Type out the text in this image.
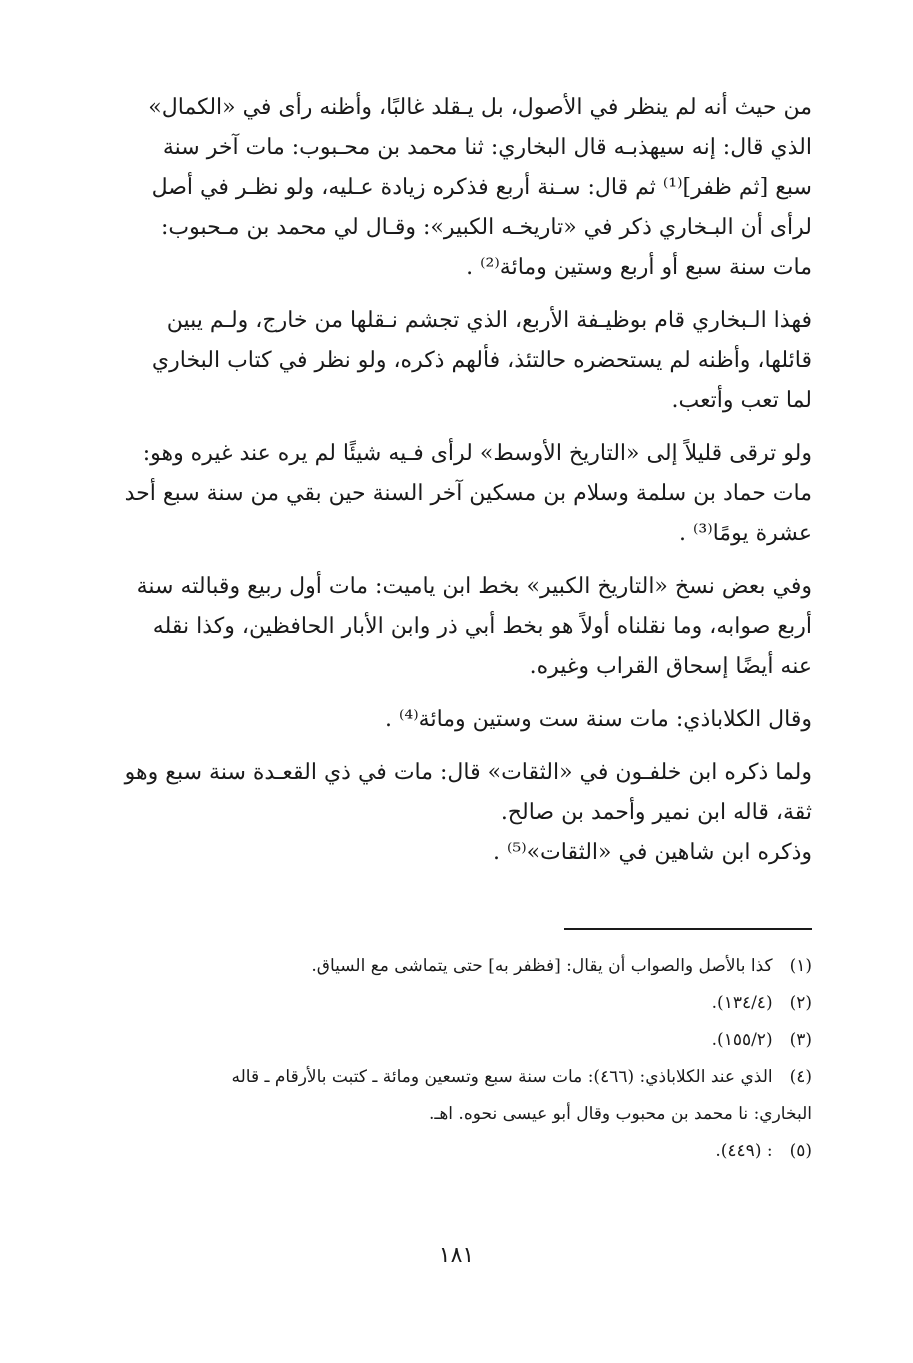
من حيث أنه لم ينظر في الأصول، بل يـقلد غالبًا، وأظنه رأى في «الكمال»
الذي قال: إنه سيهذبـه قال البخاري: ثنا محمد بن محـبوب: مات آخر سنة
سبع [ثم ظفر]⁽¹⁾ ثم قال: سـنة أربع فذكره زيادة عـليه، ولو نظـر في أصل
لرأى أن البـخاري ذكر في «تاريخـه الكبير»: وقـال لي محمد بن مـحبوب:
مات سنة سبع أو أربع وستين ومائة⁽²⁾ .
فهذا الـبخاري قام بوظيـفة الأربع، الذي تجشم نـقلها من خارج، ولـم يبين
قائلها، وأظنه لم يستحضره حالتئذ، فألهم ذكره، ولو نظر في كتاب البخاري
لما تعب وأتعب.
ولو ترقى قليلاً إلى «التاريخ الأوسط» لرأى فـيه شيئًا لم يره عند غيره وهو:
مات حماد بن سلمة وسلام بن مسكين آخر السنة حين بقي من سنة سبع أحد
عشرة يومًا⁽³⁾ .
وفي بعض نسخ «التاريخ الكبير» بخط ابن ياميت: مات أول ربيع وقبالته سنة
أربع صوابه، وما نقلناه أولاً هو بخط أبي ذر وابن الأبار الحافظين، وكذا نقله
عنه أيضًا إسحاق القراب وغيره.
وقال الكلاباذي: مات سنة ست وستين ومائة⁽⁴⁾ .
ولما ذكره ابن خلفـون في «الثقات» قال: مات في ذي القعـدة سنة سبع وهو
ثقة، قاله ابن نمير وأحمد بن صالح.
وذكره ابن شاهين في «الثقات»⁽⁵⁾ .
(١) كذا بالأصل والصواب أن يقال: [فظفر به] حتى يتماشى مع السياق.
(٢) (١٣٤/٤).
(٣) (١٥٥/٢).
(٤) الذي عند الكلاباذي: (٤٦٦): مات سنة سبع وتسعين ومائة ـ كتبت بالأرقام ـ قاله
البخاري: نا محمد بن محبوب وقال أبو عيسى نحوه. اهـ.
(٥) : (٤٤٩).
١٨١
